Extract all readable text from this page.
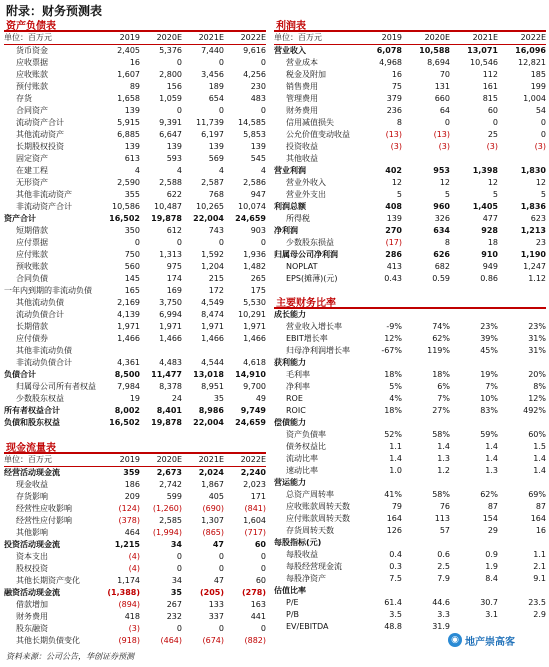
附录：财务预测表
资产负债表
单位：百万元	2019	2020E	2021E	2022E
货币资金	2,405	5,376	7,440	9,616
应收票据	16	0	0	0
应收账款	1,607	2,800	3,456	4,256
预付账款	89	156	189	230
存货	1,658	1,059	654	483
合同资产	139	0	0	0
流动资产合计	5,915	9,391	11,739	14,585
其他流动资产	6,885	6,647	6,197	5,853
长期股权投资	139	139	139	139
固定资产	613	593	569	545
在建工程	4	4	4	4
无形资产	2,590	2,588	2,587	2,586
其他非流动资产	355	622	768	947
非流动资产合计	10,586	10,487	10,265	10,074
资产合计	16,502	19,878	22,004	24,659
短期借款	350	612	743	903
应付票据	0	0	0	0
应付账款	750	1,313	1,592	1,936
预收账款	560	975	1,204	1,482
合同负债	145	174	215	265
一年内到期的非流动负债	165	169	172	175
其他流动负债	2,169	3,750	4,549	5,530
流动负债合计	4,139	6,994	8,474	10,291
长期借款	1,971	1,971	1,971	1,971
应付债券	1,466	1,466	1,466	1,466
其他非流动负债
非流动负债合计	4,361	4,483	4,544	4,618
负债合计	8,500	11,477	13,018	14,910
归属母公司所有者权益	7,984	8,378	8,951	9,700
少数股东权益	19	24	35	49
所有者权益合计	8,002	8,401	8,986	9,749
负债和股东权益	16,502	19,878	22,004	24,659
现金流量表
单位：百万元	2019	2020E	2021E	2022E
经营活动现金流	359	2,673	2,024	2,240
现金收益	186	2,742	1,867	2,023
存货影响	209	599	405	171
经营性应收影响	(124)	(1,260)	(690)	(841)
经营性应付影响	(378)	2,585	1,307	1,604
其他影响	464	(1,994)	(865)	(717)
投资活动现金流	1,215	34	47	60
资本支出	(4)	0	0	0
股权投资	(4)	0	0	0
其他长期资产变化	1,174	34	47	60
融资活动现金流	(1,388)	35	(205)	(278)
借款增加	(894)	267	133	163
财务费用	418	232	337	441
股东融资	(3)	0	0	0
其他长期负债变化	(918)	(464)	(674)	(882)
利润表
单位：百万元	2019	2020E	2021E	2022E
营业收入	6,078	10,588	13,071	16,096
营业成本	4,968	8,694	10,546	12,821
税金及附加	16	70	112	185
销售费用	75	131	161	199
管理费用	379	660	815	1,004
财务费用	236	64	60	54
信用减值损失	8	0	0	0
公允价值变动收益	(13)	(13)	25	0
投资收益	(3)	(3)	(3)	(3)
其他收益
营业利润	402	953	1,398	1,830
营业外收入	12	12	12	12
营业外支出	5	5	5	5
利润总额	408	960	1,405	1,836
所得税	139	326	477	623
净利润	270	634	928	1,213
少数股东损益	(17)	8	18	23
归属母公司净利润	286	626	910	1,190
NOPLAT	413	682	949	1,247
EPS(摊薄)(元)	0.43	0.59	0.86	1.12
主要财务比率
成长能力
营业收入增长率	-9%	74%	23%	23%
EBIT增长率	12%	62%	39%	31%
归母净利润增长率	-67%	119%	45%	31%
获利能力
毛利率	18%	18%	19%	20%
净利率	5%	6%	7%	8%
ROE	4%	7%	10%	12%
ROIC	18%	27%	83%	492%
偿债能力
资产负债率	52%	58%	59%	60%
债务权益比	1.1	1.4	1.4	1.5
流动比率	1.4	1.3	1.4	1.4
速动比率	1.0	1.2	1.3	1.4
营运能力
总资产周转率	41%	58%	62%	69%
应收账款周转天数	79	76	87	87
应付账款周转天数	164	113	154	164
存货周转天数	126	57	29	16
每股指标(元)
每股收益	0.4	0.6	0.9	1.1
每股经营现金流	0.3	2.5	1.9	2.1
每股净资产	7.5	7.9	8.4	9.1
估值比率
P/E	61.4	44.6	30.7	23.5
P/B	3.5	3.3	3.1	2.9
EV/EBITDA	48.8	31.9
资料来源：公司公告，华创证券预测
◉ 地产崇高客
